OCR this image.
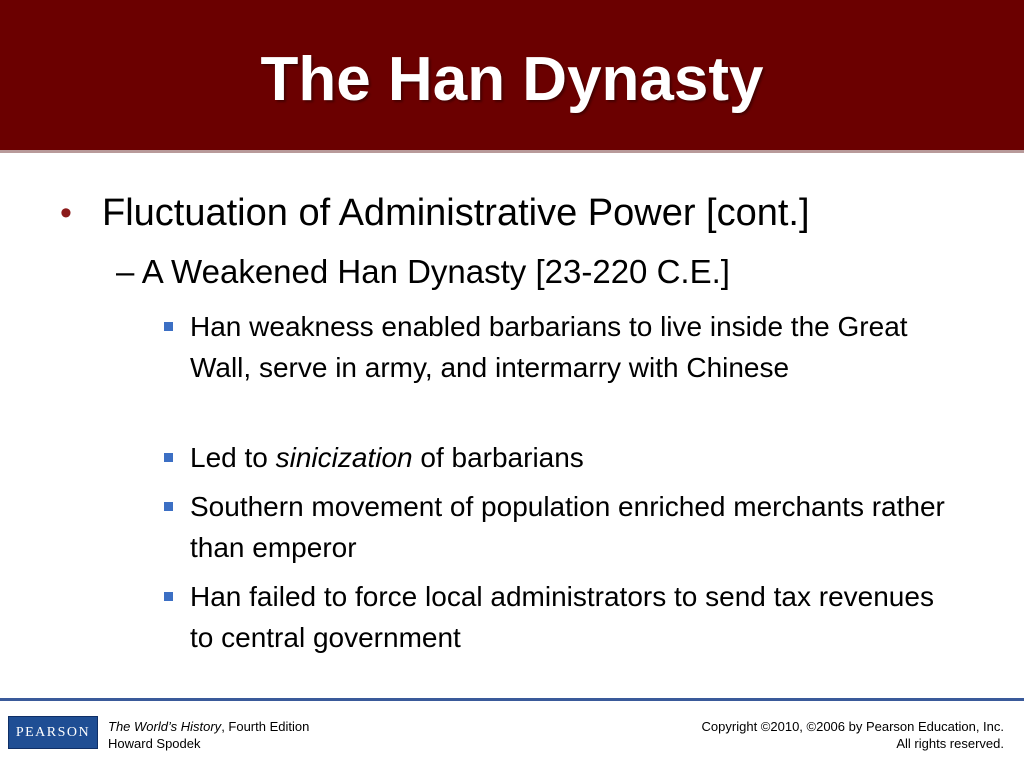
The Han Dynasty
• Fluctuation of Administrative Power [cont.]
– A Weakened Han Dynasty [23-220 C.E.]
Han weakness enabled barbarians to live inside the Great Wall, serve in army, and intermarry with Chinese
Led to sinicization of barbarians
Southern movement of population enriched merchants rather than emperor
Han failed to force local administrators to send tax revenues to central government
PEARSON	The World’s History, Fourth Edition
Howard Spodek
Copyright ©2010, ©2006 by Pearson Education, Inc.
All rights reserved.
